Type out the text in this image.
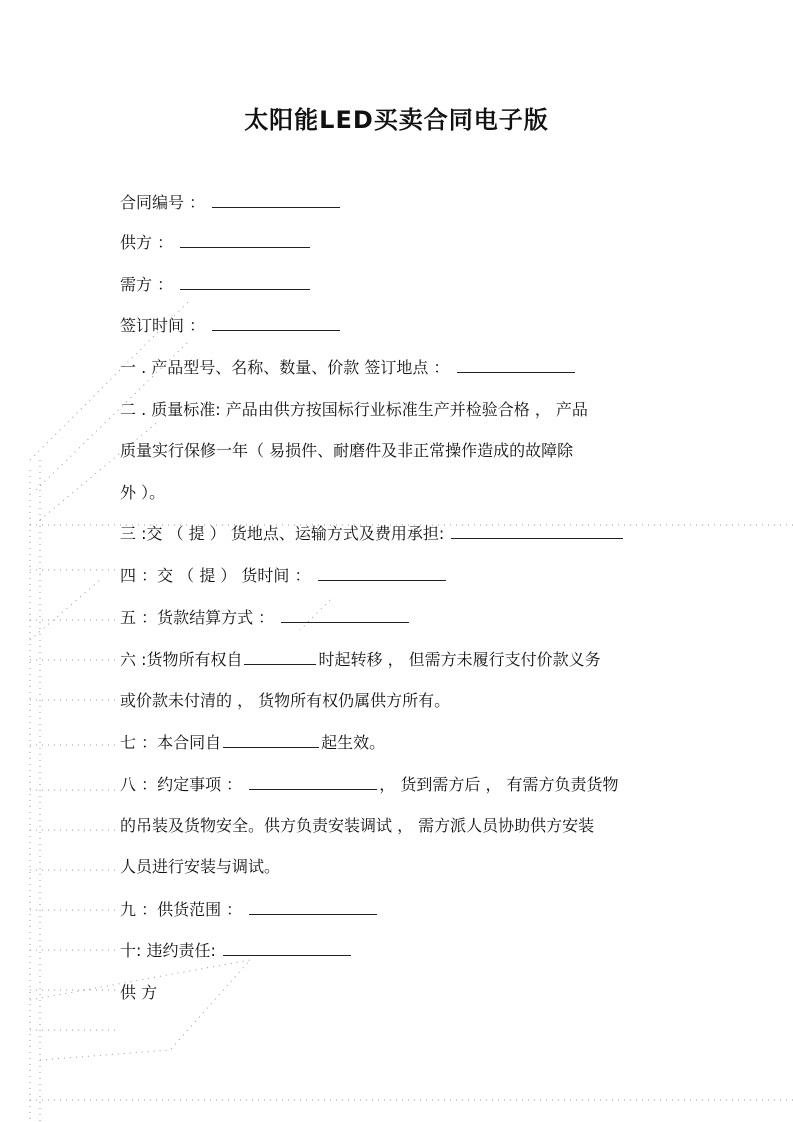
太阳能LED买卖合同电子版
合同编号 ：
供方 ：
需方 ：
签订时间 ：
一 . 产品型号、名称、数量、价款 签订地点 ：
二 . 质量标准: 产品由供方按国标行业标准生产并检验合格 ， 产品
质量实行保修一年（ 易损件、耐磨件及非正常操作造成的故障除
外 ）。
三 :交 （ 提 ） 货地点、运输方式及费用承担:
四 ：交 （ 提 ） 货时间 ：
五 ：货款结算方式 ：
六 :货物所有权自	时起转移 ， 但需方未履行支付价款义务
或价款未付清的 ， 货物所有权仍属供方所有。
七 ：本合同自	起生效。
八 ：约定事项 ：	， 货到需方后 ， 有需方负责货物
的吊装及货物安全。供方负责安装调试 ， 需方派人员协助供方安装
人员进行安装与调试。
九 ：供货范围 ：
十: 违约责任:
供 方
